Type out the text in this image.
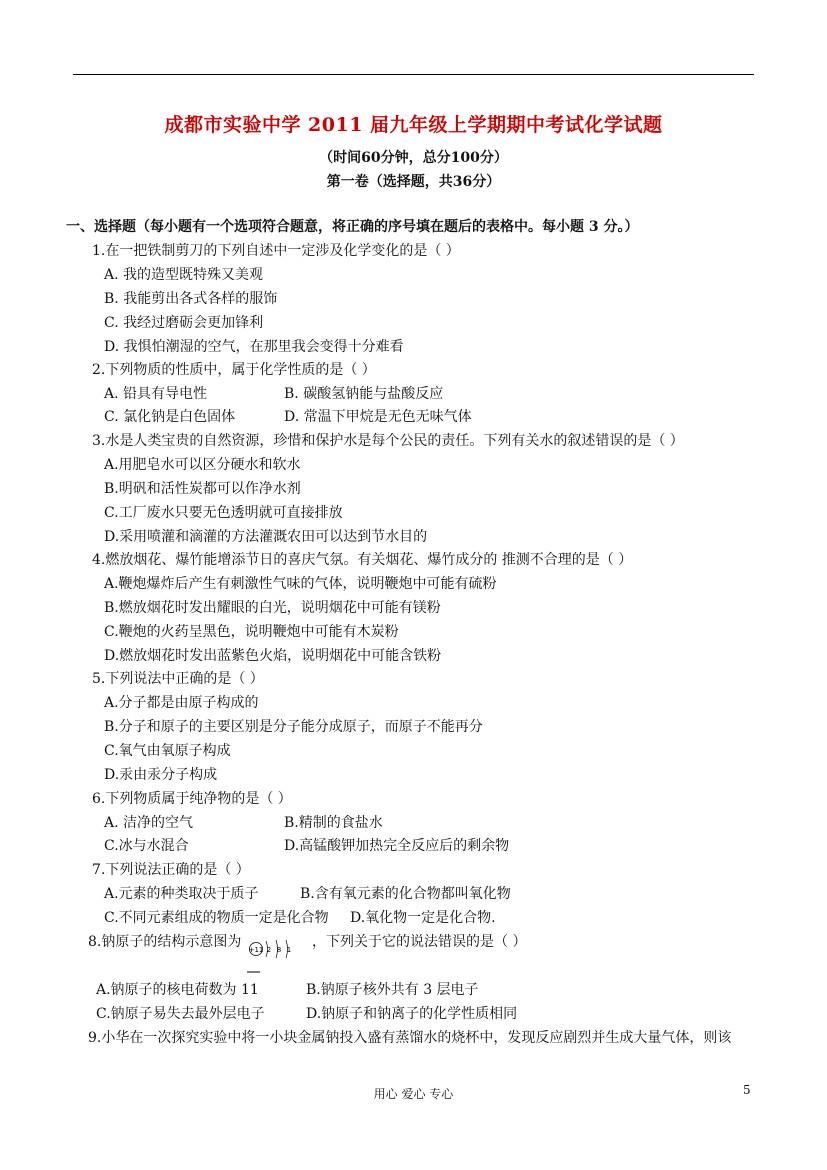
成都市实验中学 2011 届九年级上学期期中考试化学试题
（时间60分钟，总分100分）
第一卷（选择题，共36分）
一、选择题（每小题有一个选项符合题意，将正确的序号填在题后的表格中。每小题 3 分。）
1.在一把铁制剪刀的下列自述中一定涉及化学变化的是（ ）
A. 我的造型既特殊又美观
B. 我能剪出各式各样的服饰
C. 我经过磨砺会更加锋利
D. 我惧怕潮湿的空气，在那里我会变得十分难看
2.下列物质的性质中，属于化学性质的是（ ）
A. 铅具有导电性	B. 碳酸氢钠能与盐酸反应
C. 氯化钠是白色固体	D. 常温下甲烷是无色无味气体
3.水是人类宝贵的自然资源，珍惜和保护水是每个公民的责任。下列有关水的叙述错误的是（ ）
A.用肥皂水可以区分硬水和软水
B.明矾和活性炭都可以作净水剂
C.工厂废水只要无色透明就可直接排放
D.采用喷灌和滴灌的方法灌溉农田可以达到节水目的
4.燃放烟花、爆竹能增添节日的喜庆气氛。有关烟花、爆竹成分的 推测不合理的是（ ）
A.鞭炮爆炸后产生有刺激性气味的气体，说明鞭炮中可能有硫粉
B.燃放烟花时发出耀眼的白光，说明烟花中可能有镁粉
C.鞭炮的火药呈黑色，说明鞭炮中可能有木炭粉
D.燃放烟花时发出蓝紫色火焰，说明烟花中可能含铁粉
5.下列说法中正确的是（ ）
A.分子都是由原子构成的
B.分子和原子的主要区别是分子能分成原子，而原子不能再分
C.氧气由氧原子构成
D.汞由汞分子构成
6.下列物质属于纯净物的是（ ）
A. 洁净的空气	B.精制的食盐水
C.冰与水混合	D.高锰酸钾加热完全反应后的剩余物
7.下列说法正确的是（ ）
A.元素的种类取决于质子	B.含有氧元素的化合物都叫氧化物
C.不同元素组成的物质一定是化合物 D.氧化物一定是化合物.
8.钠原子的结构示意图为 +11 2 8 1 ，下列关于它的说法错误的是（ ）
A.钠原子的核电荷数为 11	B.钠原子核外共有 3 层电子
C.钠原子易失去最外层电子	D.钠原子和钠离子的化学性质相同
9.小华在一次探究实验中将一小块金属钠投入盛有蒸馏水的烧杯中，发现反应剧烈并生成大量气体，则该
用心 爱心 专心	5
